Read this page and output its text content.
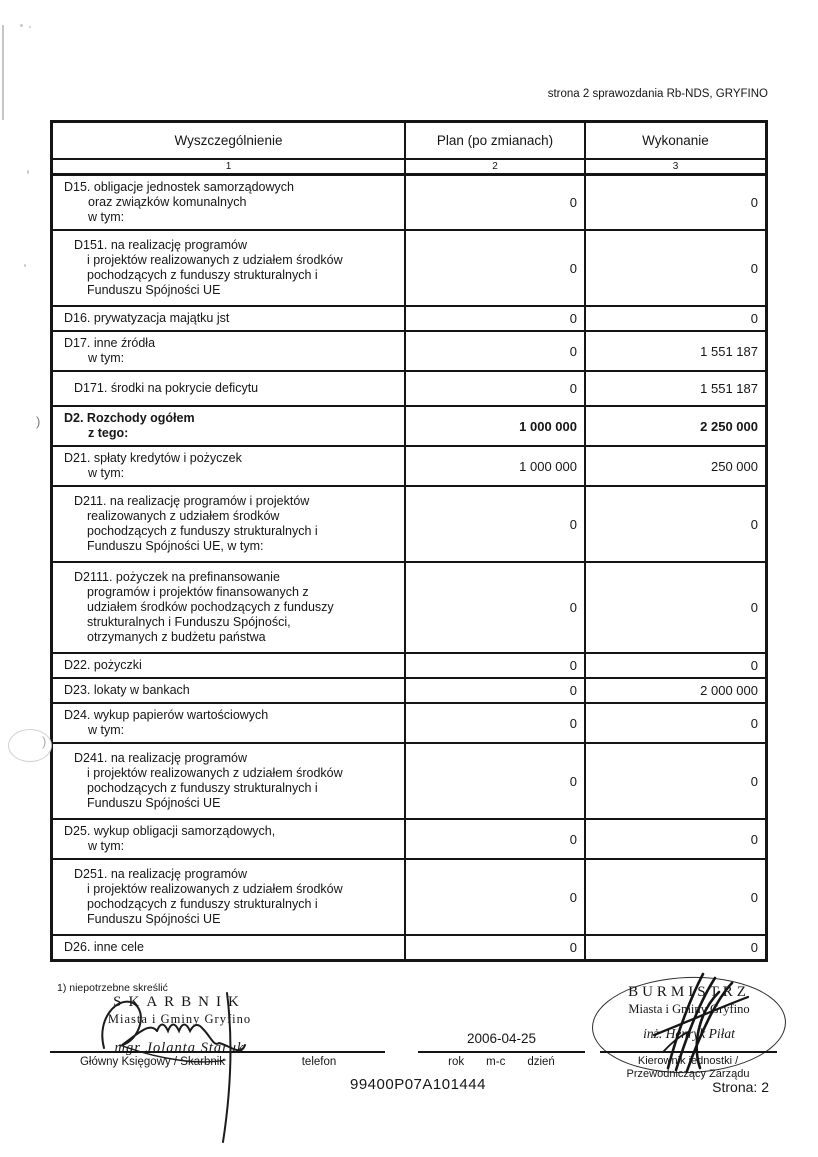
strona 2 sprawozdania Rb-NDS, GRYFINO
Wyszczególnienie	Plan (po zmianach)	Wykonanie
1	2	3
D15. obligacje jednostek samorządowych
oraz związków komunalnych
w tym:
0	0
D151. na realizację programów
i projektów realizowanych z udziałem środków
pochodzących z funduszy strukturalnych i
Funduszu Spójności UE
0	0
D16. prywatyzacja majątku jst	0	0
D17. inne źródła
w tym:	0	1 551 187
D171. środki na pokrycie deficytu	0	1 551 187
D2. Rozchody ogółem
z tego:	1 000 000	2 250 000
D21. spłaty kredytów i pożyczek
w tym:	1 000 000	250 000
D211. na realizację programów i projektów
realizowanych z udziałem środków
pochodzących z funduszy strukturalnych i
Funduszu Spójności UE, w tym:
0	0
D2111. pożyczek na prefinansowanie
programów i projektów finansowanych z
udziałem środków pochodzących z funduszy
strukturalnych i Funduszu Spójności,
otrzymanych z budżetu państwa
0	0
D22. pożyczki	0	0
D23. lokaty w bankach	0	2 000 000
D24. wykup papierów wartościowych
w tym:	0	0
D241. na realizację programów
i projektów realizowanych z udziałem środków
pochodzących z funduszy strukturalnych i
Funduszu Spójności UE
0	0
D25. wykup obligacji samorządowych,
w tym:	0	0
D251. na realizację programów
i projektów realizowanych z udziałem środków
pochodzących z funduszy strukturalnych i
Funduszu Spójności UE
0	0
D26. inne cele	0	0
1) niepotrzebne skreślić
SKARBNIK
Miasta i Gminy Gryfino
mgr Jolanta Staruk
BURMISTRZ
Miasta i Gminy Gryfino
inż. Henryk Piłat
Główny Księgowy / Skarbnik	telefon	Kierownik jednostki /
Przewodniczący Zarządu
2006-04-25
rok m-c dzień
99400P07A101444	Strona: 2
)
)
